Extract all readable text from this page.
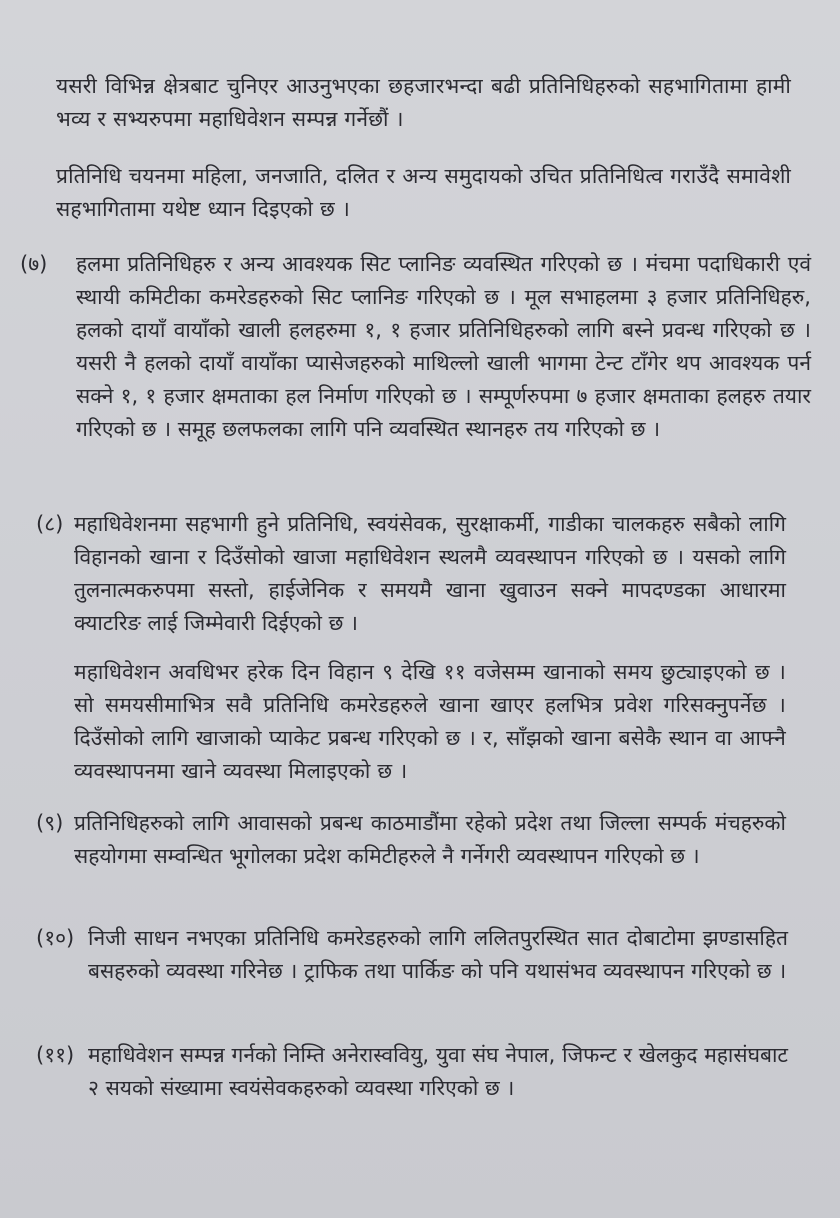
यसरी विभिन्न क्षेत्रबाट चुनिएर आउनुभएका छहजारभन्दा बढी प्रतिनिधिहरुको सहभागितामा हामी भव्य र सभ्यरुपमा महाधिवेशन सम्पन्न गर्नेछौं ।
प्रतिनिधि चयनमा महिला, जनजाति, दलित र अन्य समुदायको उचित प्रतिनिधित्व गराउँदै समावेशी सहभागितामा यथेष्ट ध्यान दिइएको छ ।
(७) हलमा प्रतिनिधिहरु र अन्य आवश्यक सिट प्लानिङ व्यवस्थित गरिएको छ । मंचमा पदाधिकारी एवं स्थायी कमिटीका कमरेडहरुको सिट प्लानिङ गरिएको छ । मूल सभाहलमा ३ हजार प्रतिनिधिहरु, हलको दायाँ वायाँको खाली हलहरुमा १, १ हजार प्रतिनिधिहरुको लागि बस्ने प्रवन्ध गरिएको छ । यसरी नै हलको दायाँ वायाँका प्यासेजहरुको माथिल्लो खाली भागमा टेन्ट टाँगेर थप आवश्यक पर्न सक्ने १, १ हजार क्षमताका हल निर्माण गरिएको छ । सम्पूर्णरुपमा ७ हजार क्षमताका हलहरु तयार गरिएको छ । समूह छलफलका लागि पनि व्यवस्थित स्थानहरु तय गरिएको छ ।
(८) महाधिवेशनमा सहभागी हुने प्रतिनिधि, स्वयंसेवक, सुरक्षाकर्मी, गाडीका चालकहरु सबैको लागि विहानको खाना र दिउँसोको खाजा महाधिवेशन स्थलमै व्यवस्थापन गरिएको छ । यसको लागि तुलनात्मकरुपमा सस्तो, हाईजेनिक र समयमै खाना खुवाउन सक्ने मापदण्डका आधारमा क्याटरिङ लाई जिम्मेवारी दिईएको छ ।
महाधिवेशन अवधिभर हरेक दिन विहान ९ देखि ११ वजेसम्म खानाको समय छुट्याइएको छ । सो समयसीमाभित्र सवै प्रतिनिधि कमरेडहरुले खाना खाएर हलभित्र प्रवेश गरिसक्नुपर्नेछ । दिउँसोको लागि खाजाको प्याकेट प्रबन्ध गरिएको छ । र, साँझको खाना बसेकै स्थान वा आफ्नै व्यवस्थापनमा खाने व्यवस्था मिलाइएको छ ।
(९) प्रतिनिधिहरुको लागि आवासको प्रबन्ध काठमाडौंमा रहेको प्रदेश तथा जिल्ला सम्पर्क मंचहरुको सहयोगमा सम्वन्धित भूगोलका प्रदेश कमिटीहरुले नै गर्नेगरी व्यवस्थापन गरिएको छ ।
(१०) निजी साधन नभएका प्रतिनिधि कमरेडहरुको लागि ललितपुरस्थित सात दोबाटोमा झण्डासहित बसहरुको व्यवस्था गरिनेछ । ट्राफिक तथा पार्किङ को पनि यथासंभव व्यवस्थापन गरिएको छ ।
(११) महाधिवेशन सम्पन्न गर्नको निम्ति अनेरास्ववियु, युवा संघ नेपाल, जिफन्ट र खेलकुद महासंघबाट २ सयको संख्यामा स्वयंसेवकहरुको व्यवस्था गरिएको छ ।
